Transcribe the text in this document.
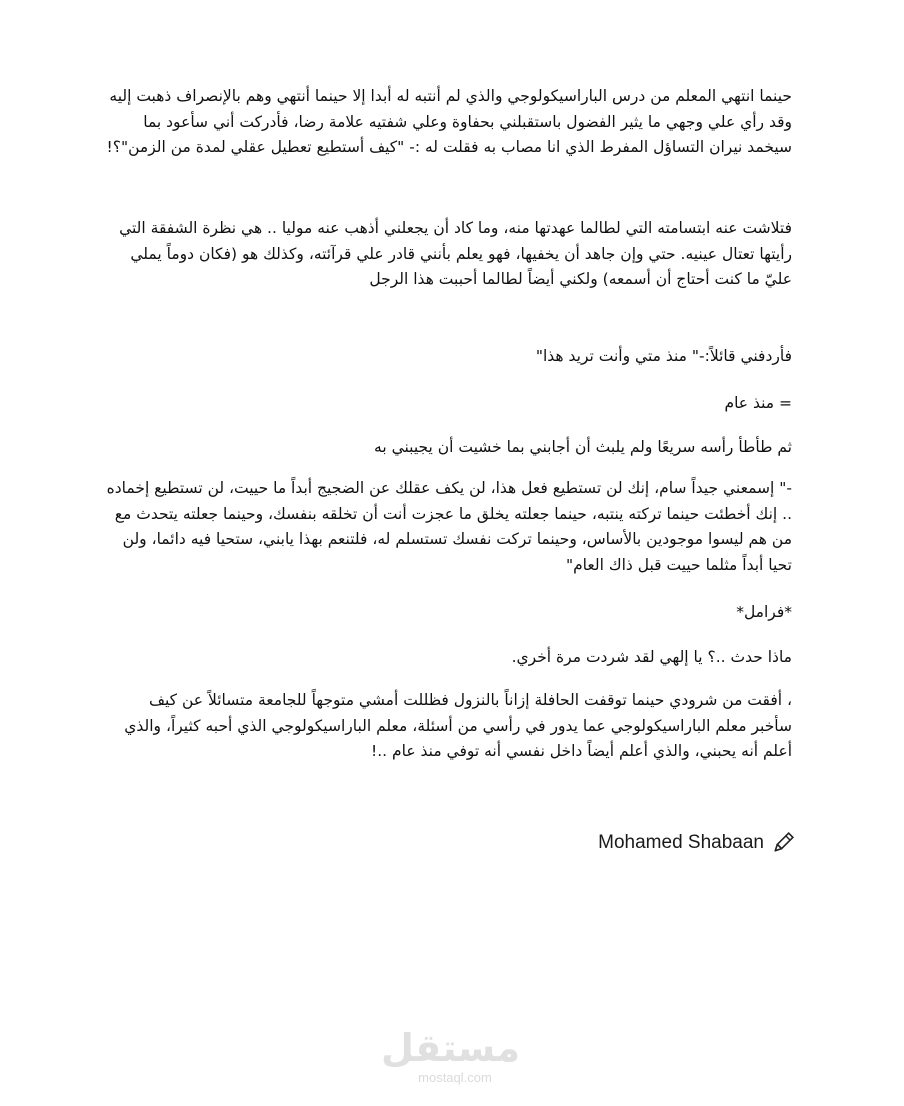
حينما انتهي المعلم من درس الباراسيكولوجي والذي لم أنتبه له أبدا إلا حينما أنتهي وهم بالإنصراف ذهبت إليه وقد رأي علي وجهي ما يثير الفضول باستقبلني بحفاوة وعلي شفتيه علامة رضا، فأدركت أني سأعود بما سيخمد نيران التساؤل المفرط الذي انا مصاب به فقلت له :- "كيف أستطيع تعطيل عقلي لمدة من الزمن"؟!

فتلاشت عنه ابتسامته التي لطالما عهدتها منه، وما كاد أن يجعلني أذهب عنه موليا .. هي نظرة الشفقة التي رأيتها تعتال عينيه. حتي وإن جاهد أن يخفيها، فهو يعلم بأنني قادر علي قرآئته، وكذلك هو (فكان دوماً يملي عليّ ما كنت أحتاج أن أسمعه) ولكني أيضاً لطالما أحببت هذا الرجل

فأردفني قائلاً:-" منذ متي وأنت تريد هذا"

= منذ عام

ثم طأطأ رأسه سريعًا ولم يلبث أن أجابني بما خشيت أن يجيبني به

-" إسمعني جيداً سام، إنك لن تستطيع فعل هذا، لن يكف عقلك عن الضجيج أبداً ما حييت، لن تستطيع إخماده .. إنك أخطئت حينما تركته ينتبه، حينما جعلته يخلق ما عجزت أنت أن تخلقه بنفسك، وحينما جعلته يتحدث مع من هم ليسوا موجودين بالأساس، وحينما تركت نفسك تستسلم له، فلتنعم بهذا يابني، ستحيا فيه دائما، ولن تحيا أبداً مثلما حييت قبل ذاك العام"

*فرامل*

ماذا حدث ..؟ يا إلهي لقد شردت مرة أخري.

، أفقت من شرودي حينما توقفت الحافلة إزاناً بالنزول فظللت أمشي متوجهاً للجامعة متسائلاً عن كيف سأخبر معلم الباراسيكولوجي عما يدور في رأسي من أسئلة، معلم الباراسيكولوجي الذي أحبه كثيراً، والذي أعلم أنه يحبني، والذي أعلم أيضاً داخل نفسي أنه توفي منذ عام ..!

Mohamed Shabaan
مستقل
mostaql.com
